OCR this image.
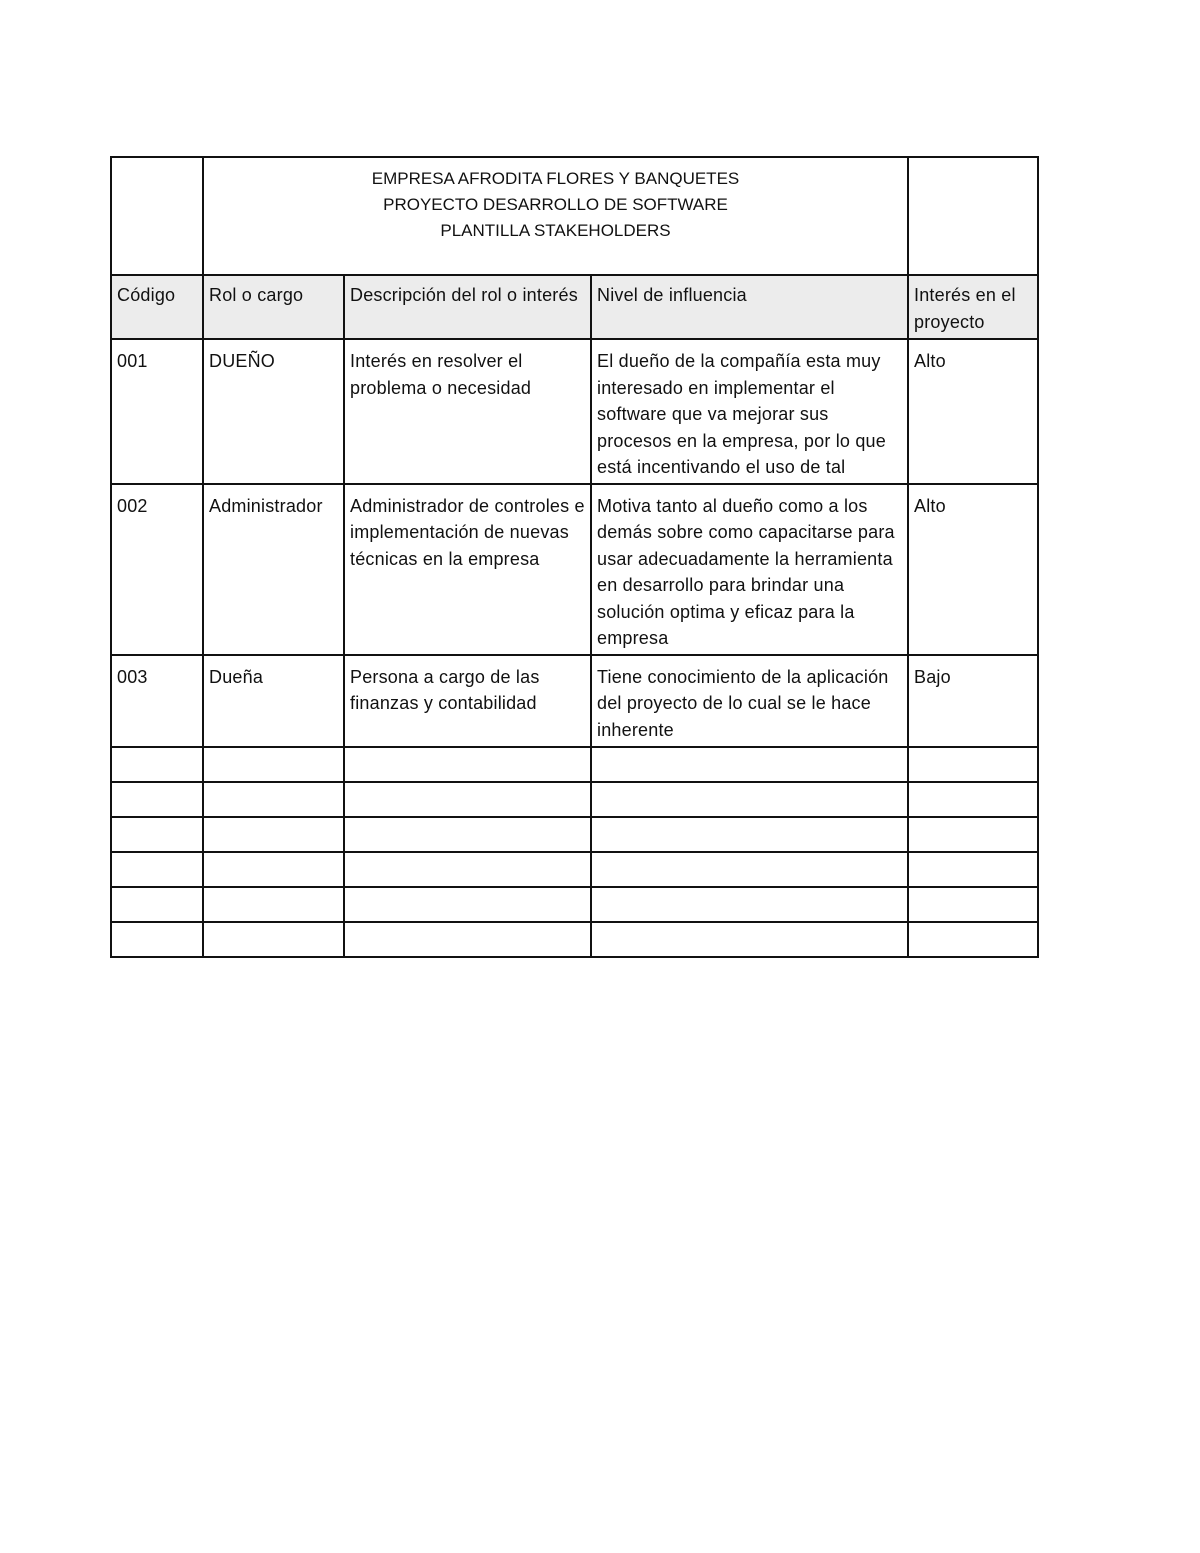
	EMPRESA AFRODITA FLORES Y BANQUETES
PROYECTO DESARROLLO DE SOFTWARE
PLANTILLA STAKEHOLDERS			

Código	Rol o cargo	Descripción del rol o interés	Nivel de influencia	Interés en el proyecto
001	DUEÑO	Interés en resolver el problema o necesidad	El dueño de la compañía esta muy interesado en implementar el software que va mejorar sus procesos en la empresa, por lo que está incentivando el uso de tal	Alto
002	Administrador	Administrador de controles e implementación de nuevas técnicas en la empresa	Motiva tanto al dueño como a los demás sobre como capacitarse para usar adecuadamente la herramienta en desarrollo para brindar una solución optima y eficaz para la empresa	Alto
003	Dueña	Persona a cargo de las finanzas y contabilidad	Tiene conocimiento de la aplicación del proyecto de lo cual se le hace inherente	Bajo
